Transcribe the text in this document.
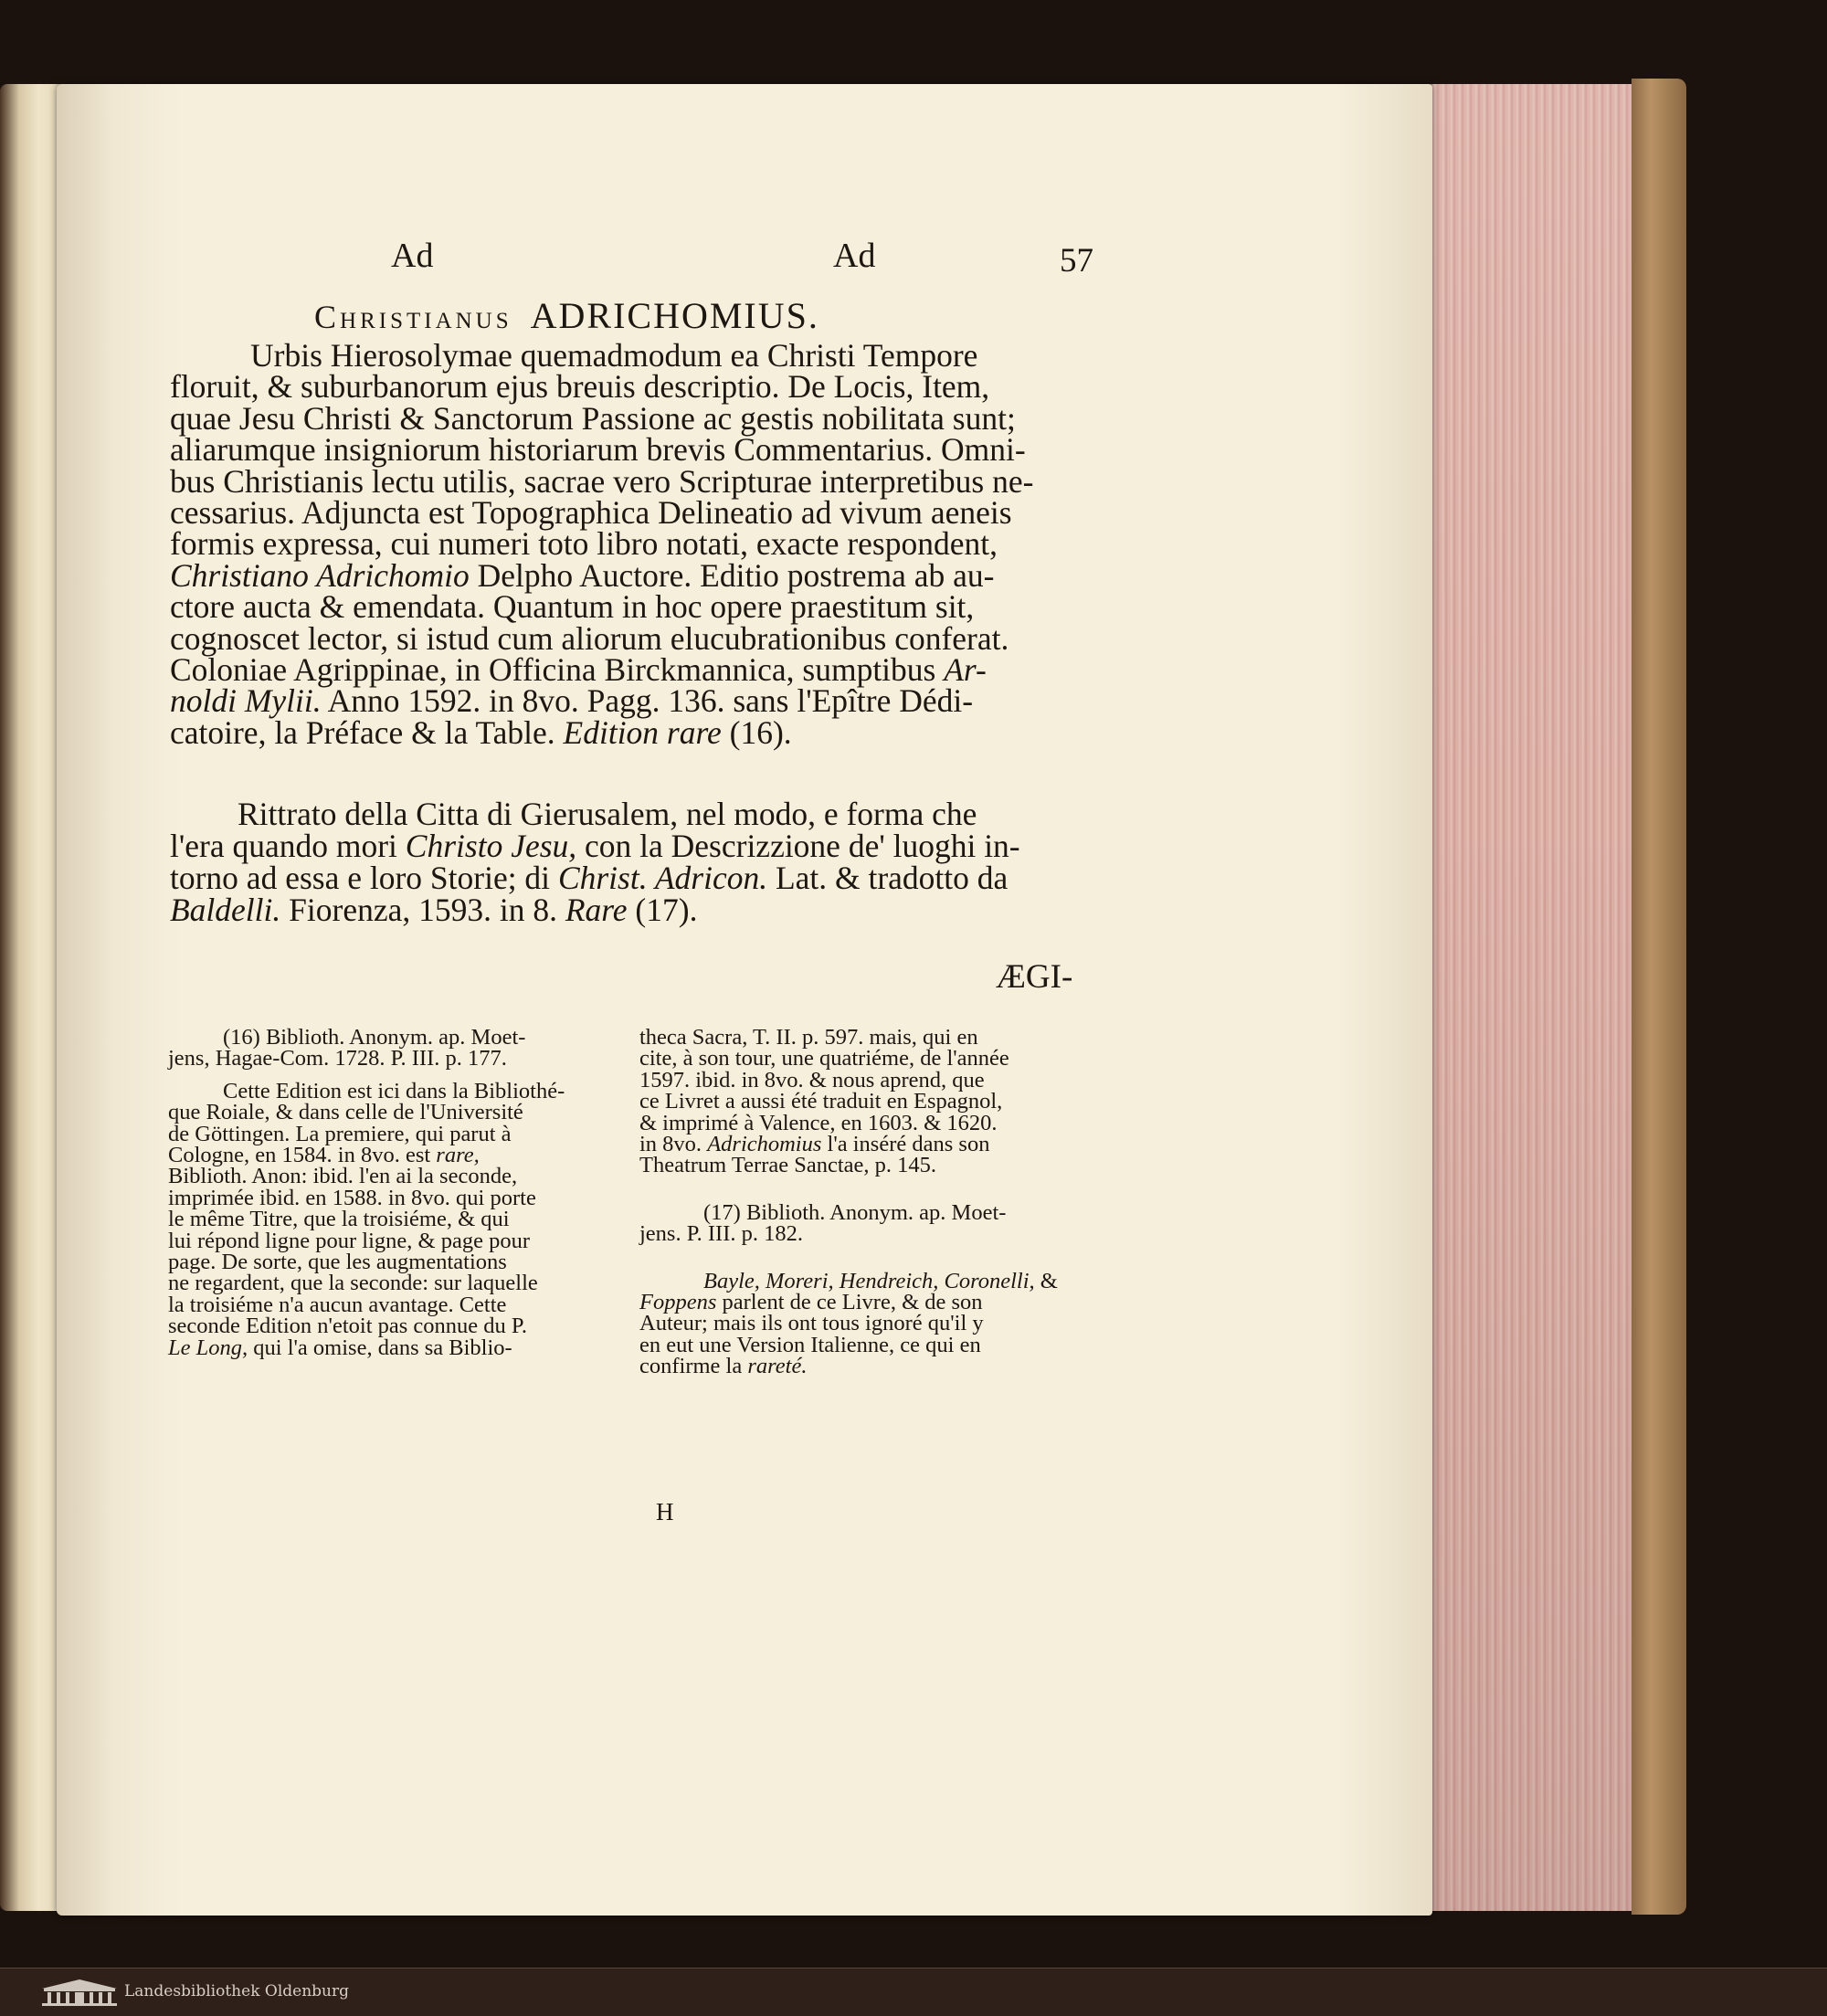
Ad	Ad	57
Christianus ADRICHOMIUS.
Urbis Hierosolymae quemadmodum ea Christi Tempore
floruit, & suburbanorum ejus breuis descriptio. De Locis, Item,
quae Jesu Christi & Sanctorum Passione ac gestis nobilitata sunt;
aliarumque insigniorum historiarum brevis Commentarius. Omni-
bus Christianis lectu utilis, sacrae vero Scripturae interpretibus ne-
cessarius. Adjuncta est Topographica Delineatio ad vivum aeneis
formis expressa, cui numeri toto libro notati, exacte respondent,
Christiano Adrichomio Delpho Auctore. Editio postrema ab au-
ctore aucta & emendata. Quantum in hoc opere praestitum sit,
cognoscet lector, si istud cum aliorum elucubrationibus conferat.
Coloniae Agrippinae, in Officina Birckmannica, sumptibus Ar-
noldi Mylii. Anno 1592. in 8vo. Pagg. 136. sans l'Epître Dédi-
catoire, la Préface & la Table. Edition rare (16).
Rittrato della Citta di Gierusalem, nel modo, e forma che
l'era quando mori Christo Jesu, con la Descrizzione de' luoghi in-
torno ad essa e loro Storie; di Christ. Adricon. Lat. & tradotto da
Baldelli. Fiorenza, 1593. in 8. Rare (17).
ÆGI-
(16) Biblioth. Anonym. ap. Moet-
jens, Hagae-Com. 1728. P. III. p. 177.
Cette Edition est ici dans la Bibliothé-
que Roiale, & dans celle de l'Université
de Göttingen. La premiere, qui parut à
Cologne, en 1584. in 8vo. est rare,
Biblioth. Anon: ibid. l'en ai la seconde,
imprimée ibid. en 1588. in 8vo. qui porte
le même Titre, que la troisiéme, & qui
lui répond ligne pour ligne, & page pour
page. De sorte, que les augmentations
ne regardent, que la seconde: sur laquelle
la troisiéme n'a aucun avantage. Cette
seconde Edition n'etoit pas connue du P.
Le Long, qui l'a omise, dans sa Biblio-
theca Sacra, T. II. p. 597. mais, qui en
cite, à son tour, une quatriéme, de l'année
1597. ibid. in 8vo. & nous aprend, que
ce Livret a aussi été traduit en Espagnol,
& imprimé à Valence, en 1603. & 1620.
in 8vo. Adrichomius l'a inséré dans son
Theatrum Terrae Sanctae, p. 145.
(17) Biblioth. Anonym. ap. Moet-
jens. P. III. p. 182.
Bayle, Moreri, Hendreich, Coronelli, &
Foppens parlent de ce Livre, & de son
Auteur; mais ils ont tous ignoré qu'il y
en eut une Version Italienne, ce qui en
confirme la rareté.
H
Landesbibliothek Oldenburg
